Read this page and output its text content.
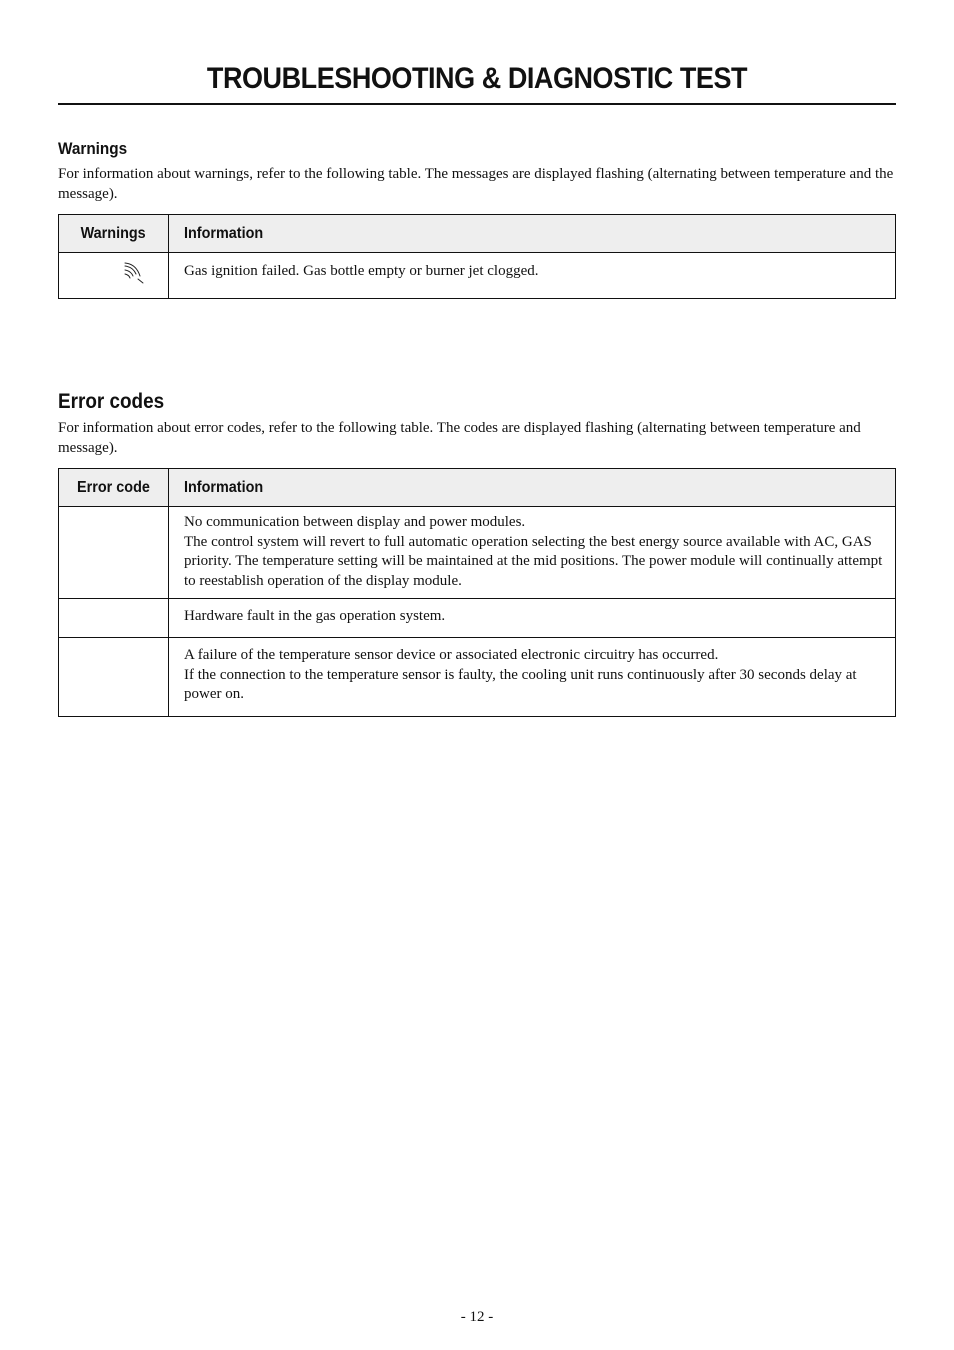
TROUBLESHOOTING & DIAGNOSTIC TEST
Warnings
For information about warnings, refer to the following table. The messages are displayed flashing (alternating between temperature and the message).
Warnings	Information
	Gas ignition failed. Gas bottle empty or burner jet clogged.
Error codes
For information about error codes, refer to the following table. The codes are displayed flashing (alternating between temperature and message).
Error code	Information

	No communication between display and power modules.
The control system will revert to full automatic operation selecting the best energy source available with AC, GAS priority. The temperature setting will be maintained at the mid positions. The power module will continually attempt to reestablish operation of the display module.

	Hardware fault in the gas operation system.

	A failure of the temperature sensor device or associated electronic circuitry has occurred.
If the connection to the temperature sensor is faulty, the cooling unit runs continuously after 30 seconds delay at power on.
- 12 -
